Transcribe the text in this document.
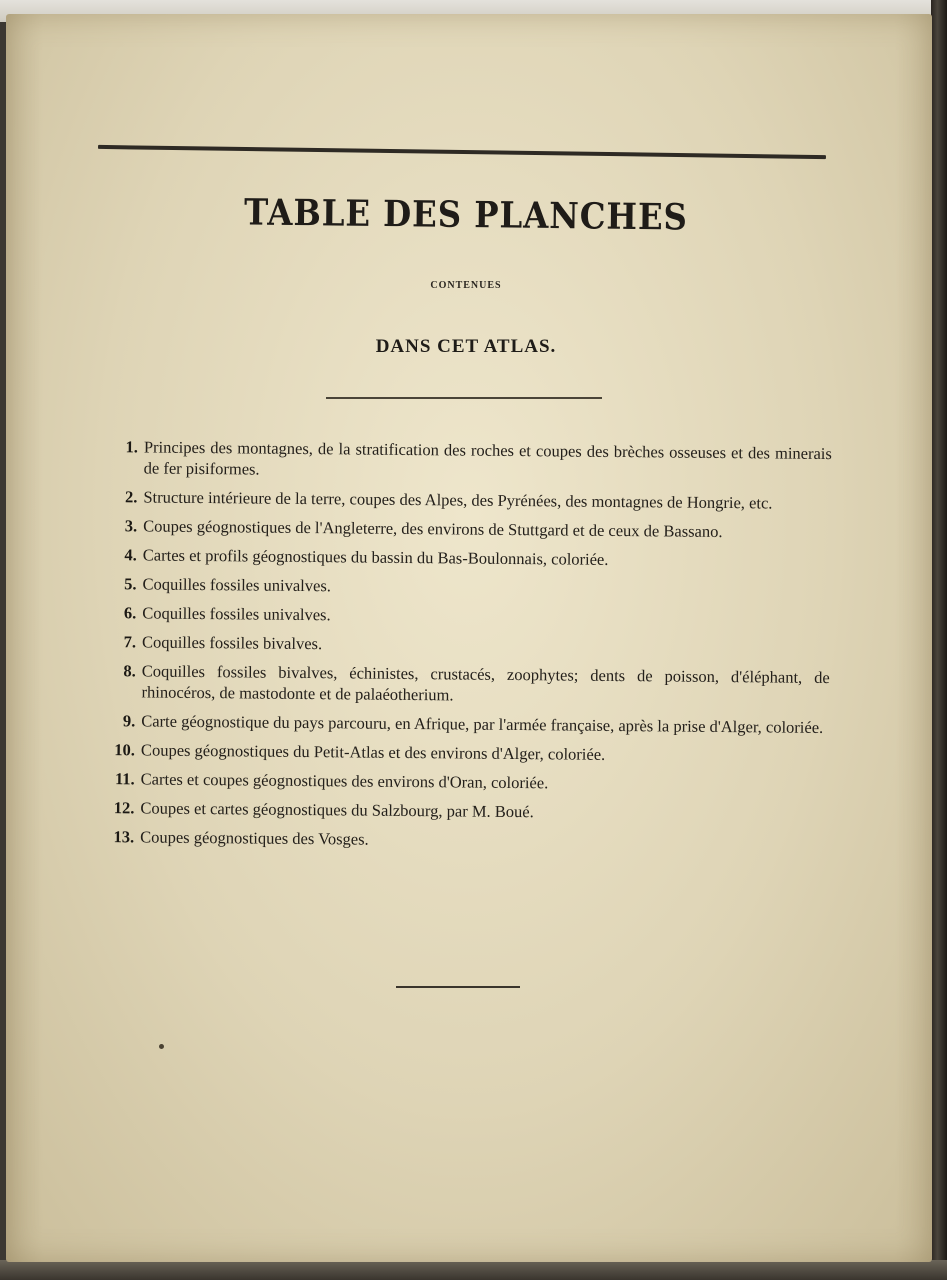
TABLE DES PLANCHES
CONTENUES
DANS CET ATLAS.
1. Principes des montagnes, de la stratification des roches et coupes des brèches osseuses et des minerais de fer pisiformes.
2. Structure intérieure de la terre, coupes des Alpes, des Pyrénées, des montagnes de Hongrie, etc.
3. Coupes géognostiques de l'Angleterre, des environs de Stuttgard et de ceux de Bassano.
4. Cartes et profils géognostiques du bassin du Bas-Boulonnais, coloriée.
5. Coquilles fossiles univalves.
6. Coquilles fossiles univalves.
7. Coquilles fossiles bivalves.
8. Coquilles fossiles bivalves, échinistes, crustacés, zoophytes; dents de poisson, d'éléphant, de rhinocéros, de mastodonte et de palaéotherium.
9. Carte géognostique du pays parcouru, en Afrique, par l'armée française, après la prise d'Alger, coloriée.
10. Coupes géognostiques du Petit-Atlas et des environs d'Alger, coloriée.
11. Cartes et coupes géognostiques des environs d'Oran, coloriée.
12. Coupes et cartes géognostiques du Salzbourg, par M. Boué.
13. Coupes géognostiques des Vosges.
